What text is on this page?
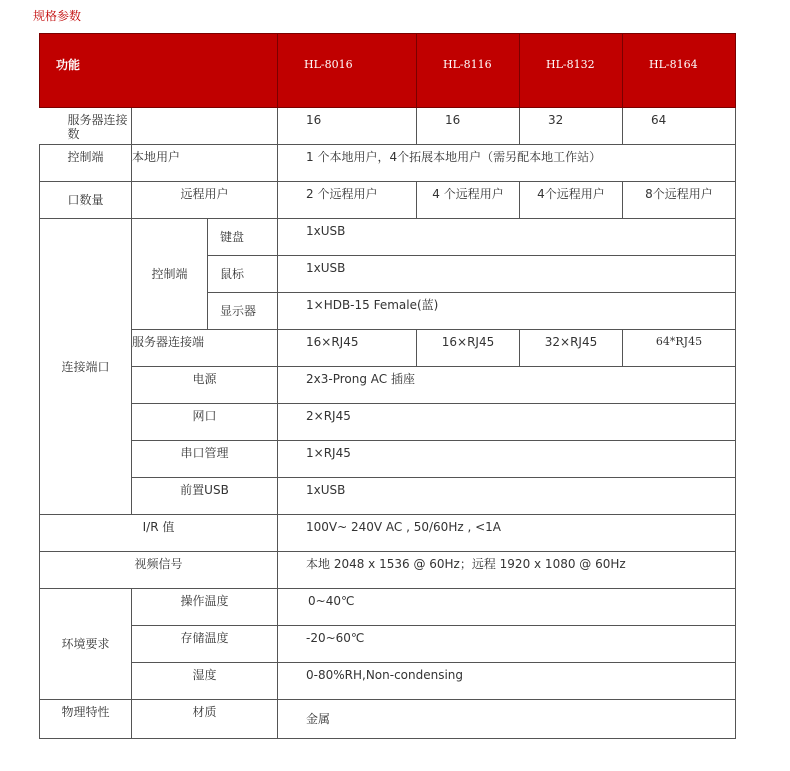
规格参数
功能			HL-8016	HL-8116	HL-8132	HL-8164	
服务器连接数			16	16	32	64	
控制端	本地用户		1 个本地用户，4个拓展本地用户（需另配本地工作站）				
口数量	远程用户		2 个远程用户	4 个远程用户	4个远程用户	8个远程用户	
连接端口	控制端	键盘	1xUSB				
		鼠标	1xUSB				
		显示器	1×HDB-15 Female(蓝)				
	服务器连接端		16×RJ45	16×RJ45	32×RJ45	64*RJ45	
	电源		2x3-Prong AC 插座				
	网口		2×RJ45				
	串口管理		1×RJ45				
	前置USB		1xUSB				
I/R 值			100V~ 240V AC , 50/60Hz , <1A				
视频信号			本地 2048 x 1536 @ 60Hz；远程 1920 x 1080 @ 60Hz				
环境要求	操作温度		0~40℃				
	存储温度		-20~60℃				
	湿度		0-80%RH,Non-condensing				
物理特性	材质		金属				
